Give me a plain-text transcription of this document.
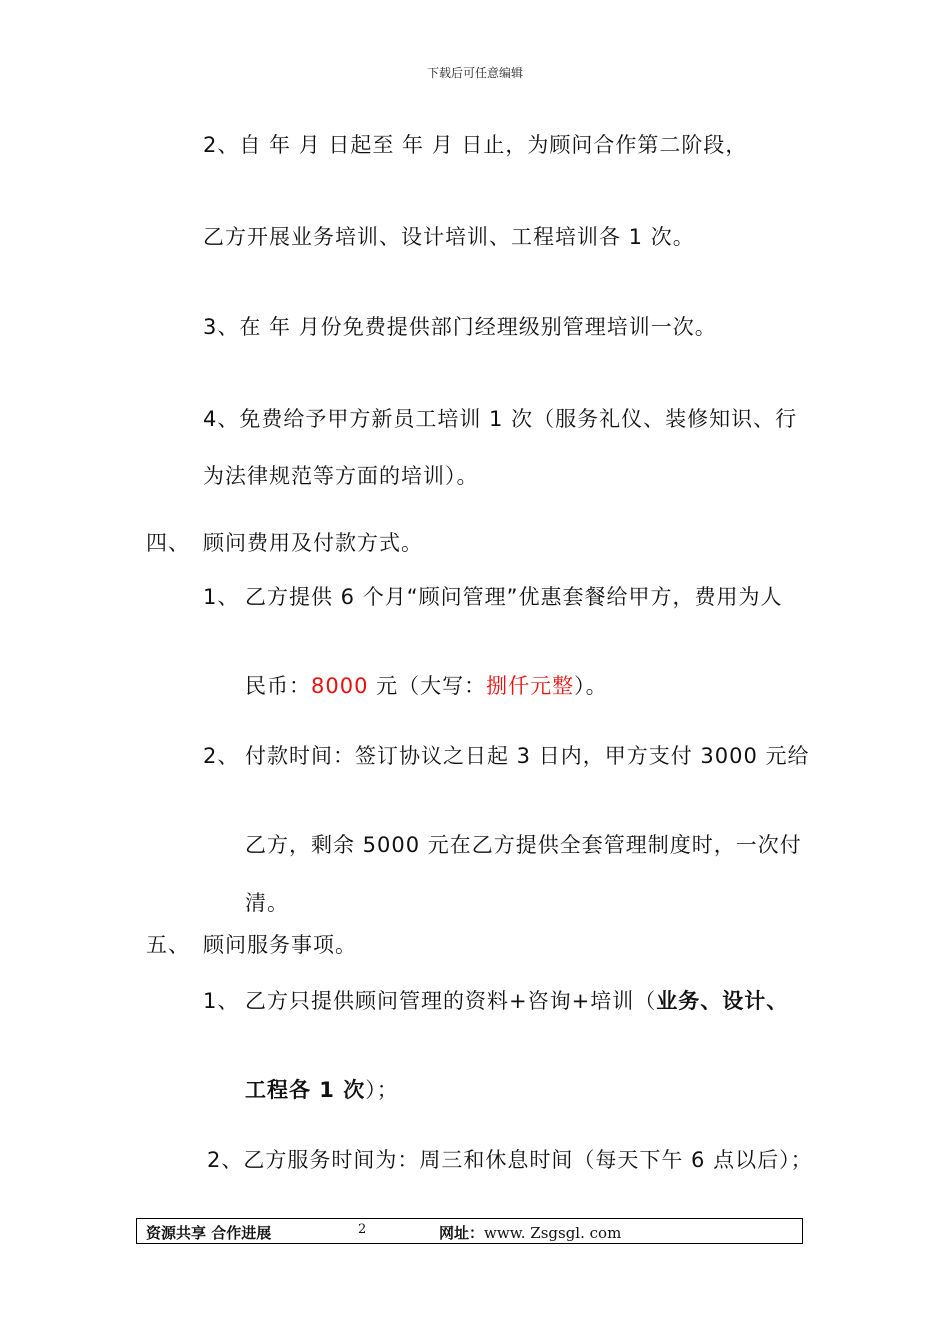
下载后可任意编辑
2、自 年 月 日起至 年 月 日止，为顾问合作第二阶段，
乙方开展业务培训、设计培训、工程培训各 1 次。
3、在 年 月份免费提供部门经理级别管理培训一次。
4、免费给予甲方新员工培训 1 次（服务礼仪、装修知识、行
为法律规范等方面的培训）。
四、 顾问费用及付款方式。
1、 乙方提供 6 个月“顾问管理”优惠套餐给甲方，费用为人
民币：8000 元（大写：捌仟元整）。
2、 付款时间：签订协议之日起 3 日内，甲方支付 3000 元给
乙方，剩余 5000 元在乙方提供全套管理制度时，一次付
清。
五、 顾问服务事项。
1、 乙方只提供顾问管理的资料+咨询+培训（业务、设计、
工程各 1 次）；
2、乙方服务时间为：周三和休息时间（每天下午 6 点以后）；
资源共享 合作进展	2	网址：www. Zsgsgl. com
